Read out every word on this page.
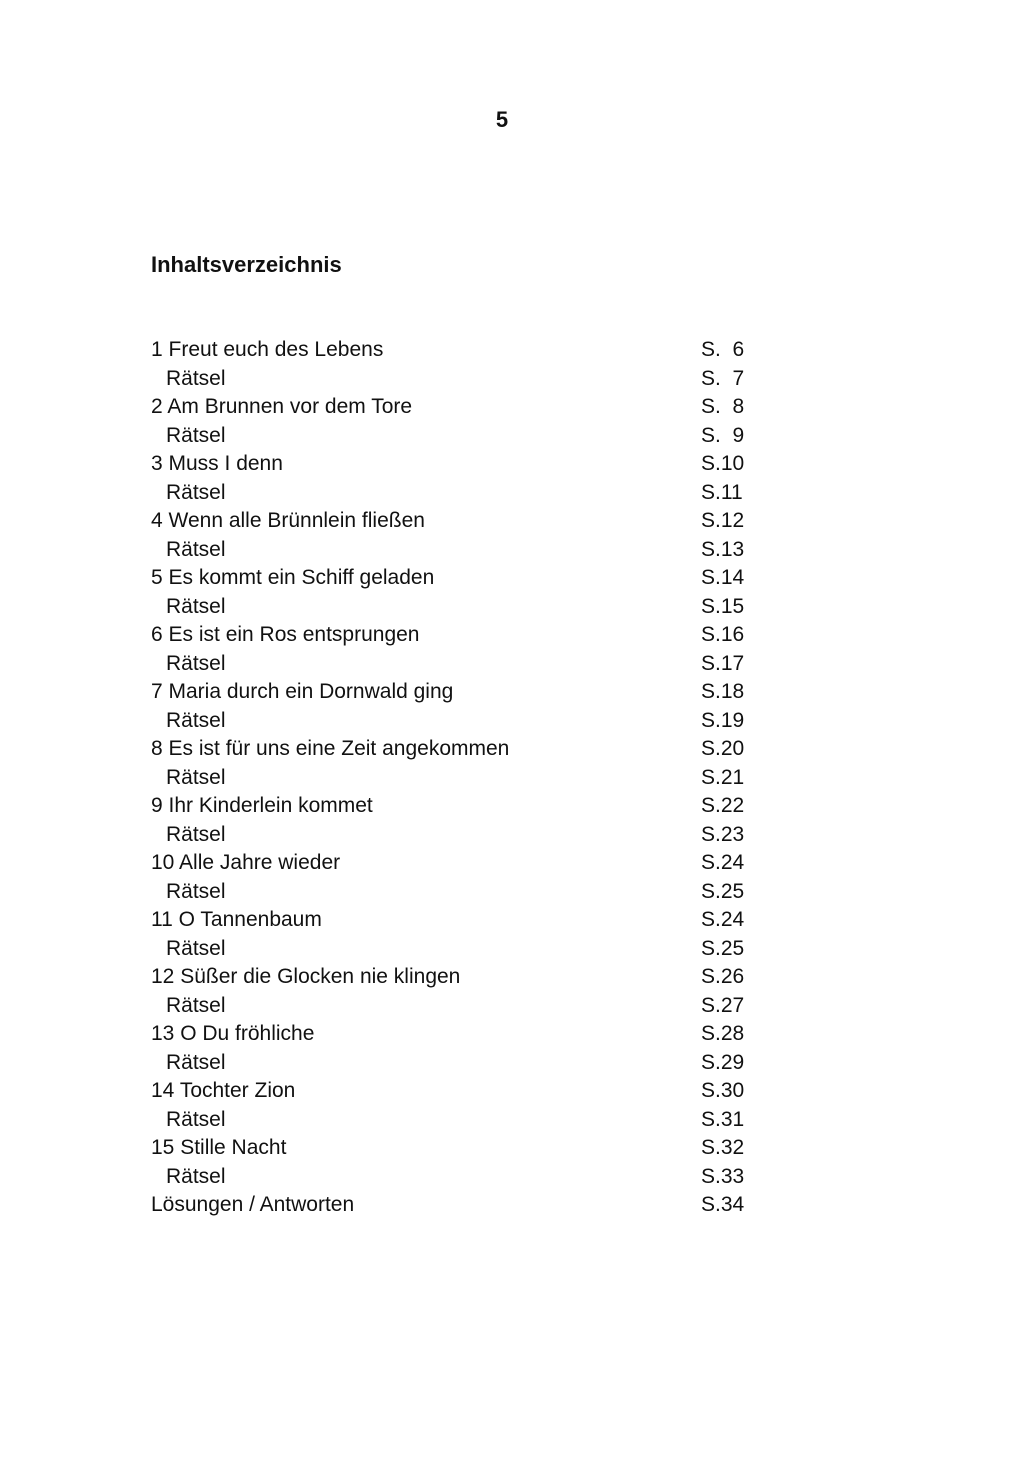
5
Inhaltsverzeichnis
1 Freut euch des Lebens	S.  6
Rätsel	S.  7
2 Am Brunnen vor dem Tore	S.  8
Rätsel	S.  9
3 Muss I denn	S.10
Rätsel	S.11
4 Wenn alle Brünnlein fließen	S.12
Rätsel	S.13
5 Es kommt ein Schiff geladen	S.14
Rätsel	S.15
6 Es ist ein Ros entsprungen	S.16
Rätsel	S.17
7 Maria durch ein Dornwald ging	S.18
Rätsel	S.19
8 Es ist für uns eine Zeit angekommen	S.20
Rätsel	S.21
9 Ihr Kinderlein kommet	S.22
Rätsel	S.23
10 Alle Jahre wieder	S.24
Rätsel	S.25
11 O Tannenbaum	S.24
Rätsel	S.25
12 Süßer die Glocken nie klingen	S.26
Rätsel	S.27
13 O Du fröhliche	S.28
Rätsel	S.29
14 Tochter Zion	S.30
Rätsel	S.31
15 Stille Nacht	S.32
Rätsel	S.33
Lösungen / Antworten	S.34
